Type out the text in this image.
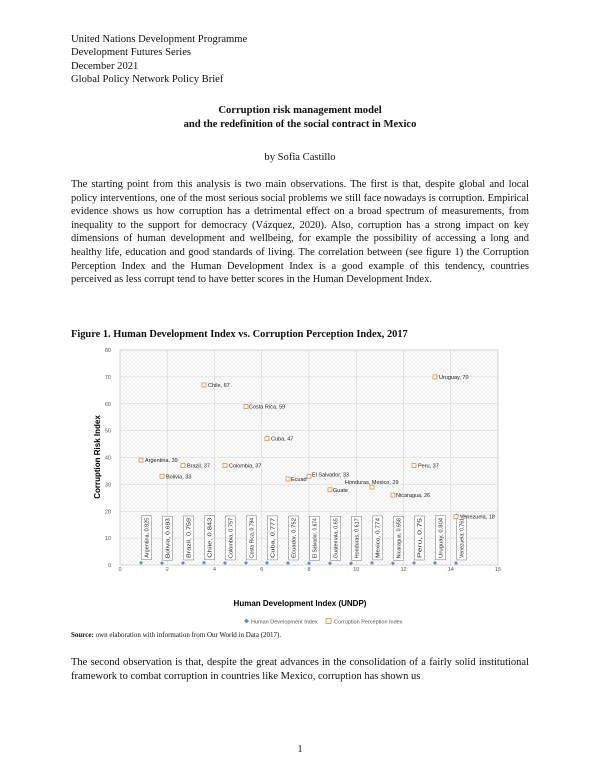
United Nations Development Programme
Development Futures Series
December 2021
Global Policy Network Policy Brief
Corruption risk management model
and the redefinition of the social contract in Mexico
by Sofia Castillo

The starting point from this analysis is two main observations. The first is that, despite global and local policy interventions, one of the most serious social problems we still face nowadays is corruption. Empirical evidence shows us how corruption has a detrimental effect on a broad spectrum of measurements, from inequality to the support for democracy (Vázquez, 2020). Also, corruption has a strong impact on key dimensions of human development and wellbeing, for example the possibility of accessing a long and healthy life, education and good standards of living. The correlation between (see figure 1) the Corruption Perception Index and the Human Development Index is a good example of this tendency, countries perceived as less corrupt tend to have better scores in the Human Development Index.

Figure 1. Human Development Index vs. Corruption Perception Index, 2017
0
10
20
30
40
50
60
70
80
0	2	4	6	8	10	12	14	15
Argentina, 0.825	Bolivia, 0.693	Brazil, 0.759	Chile, 0.843	Colombia, 0.757	Costa Rica, 0.794	Cuba, 0.777	Ecuador, 0.752	El Salvador, 0.674	Guatemala, 0.65	Honduras, 0.617	Mexico, 0.774	Nicaragua, 0.658	Peru, 0.75	Uruguay, 0.804	Venezuela, 0.761
Argentina, 39
Bolivia, 33
Brazil, 37
Chile, 67
Colombia, 37
Costa Rica, 59
Cuba, 47
Ecuad
El Salvador, 33
Guate
Honduras, Mexico, 29
Nicaragua, 26
Peru, 37
Uruguay, 70
Venezuela, 18
Corruption Risk Index
Human Development Index (UNDP)
Human Development Index	Corruption Perception Index
Source: own elaboration with information from Our World in Data (2017).

The second observation is that, despite the great advances in the consolidation of a fairly solid institutional framework to combat corruption in countries like Mexico, corruption has shown us

1
